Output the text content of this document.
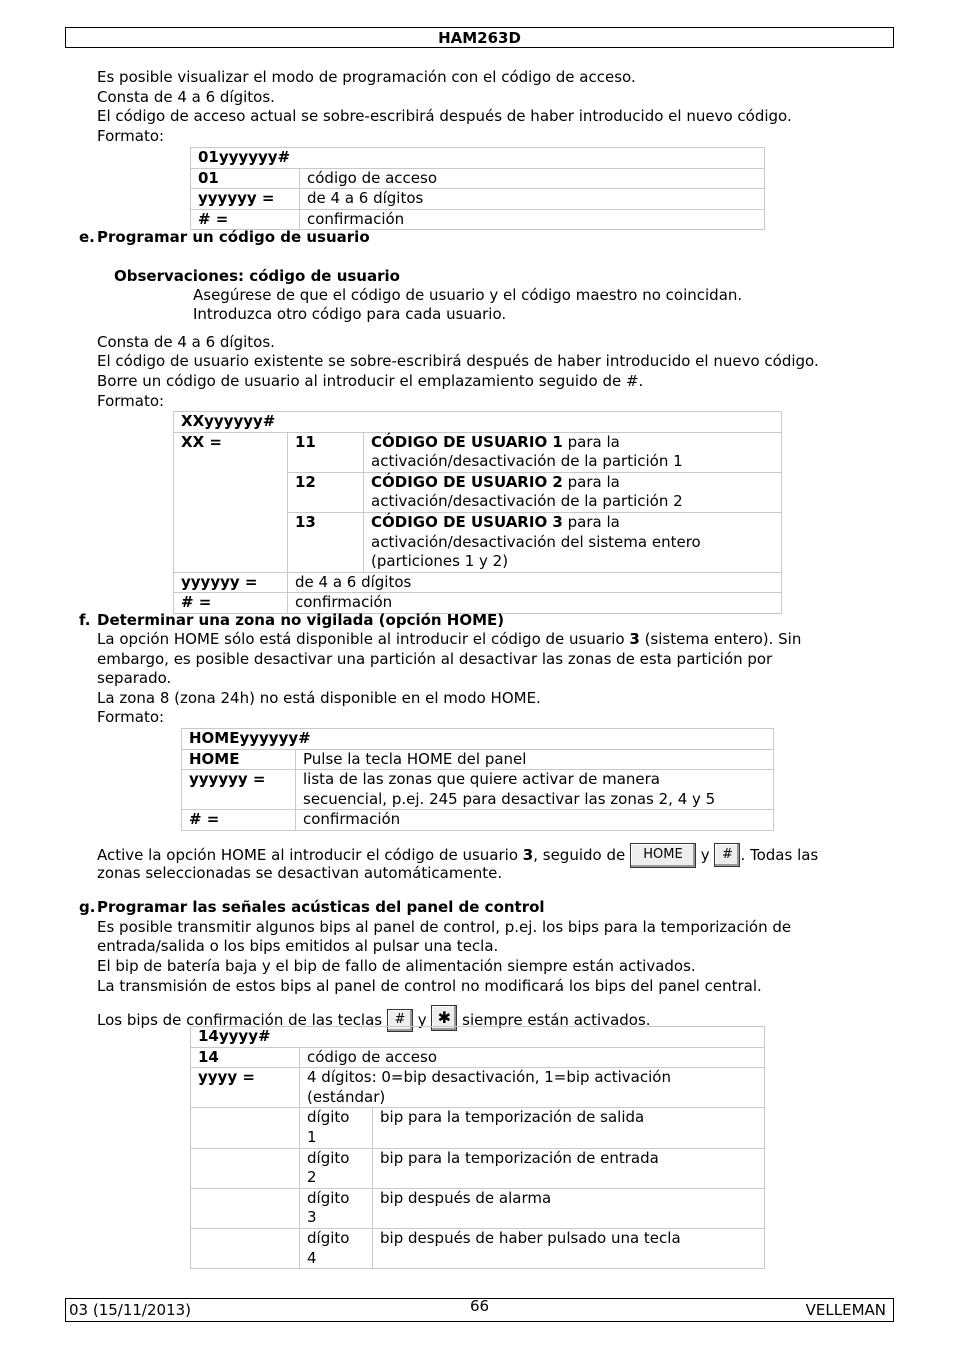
HAM263D
Es posible visualizar el modo de programación con el código de acceso.
Consta de 4 a 6 dígitos.
El código de acceso actual se sobre-escribirá después de haber introducido el nuevo código.
Formato:
01yyyyyy#	
01	código de acceso
yyyyyy =	de 4 a 6 dígitos
# =	confirmación
e. Programar un código de usuario
Observaciones: código de usuario
Asegúrese de que el código de usuario y el código maestro no coincidan.
Introduzca otro código para cada usuario.
Consta de 4 a 6 dígitos.
El código de usuario existente se sobre-escribirá después de haber introducido el nuevo código.
Borre un código de usuario al introducir el emplazamiento seguido de #.
Formato:
XXyyyyyy#		
XX =	11	CÓDIGO DE USUARIO 1 para la
activación/desactivación de la partición 1
	12	CÓDIGO DE USUARIO 2 para la
activación/desactivación de la partición 2
	13	CÓDIGO DE USUARIO 3 para la
activación/desactivación del sistema entero
(particiones 1 y 2)
yyyyyy =	de 4 a 6 dígitos	
# =	confirmación	
f. Determinar una zona no vigilada (opción HOME)
La opción HOME sólo está disponible al introducir el código de usuario 3 (sistema entero). Sin
embargo, es posible desactivar una partición al desactivar las zonas de esta partición por
separado.
La zona 8 (zona 24h) no está disponible en el modo HOME.
Formato:
HOMEyyyyyy#	
HOME	Pulse la tecla HOME del panel
yyyyyy =	lista de las zonas que quiere activar de manera
secuencial, p.ej. 245 para desactivar las zonas 2, 4 y 5
# =	confirmación
Active la opción HOME al introducir el código de usuario 3, seguido de HOME y # . Todas las
zonas seleccionadas se desactivan automáticamente.
g. Programar las señales acústicas del panel de control
Es posible transmitir algunos bips al panel de control, p.ej. los bips para la temporización de
entrada/salida o los bips emitidos al pulsar una tecla.
El bip de batería baja y el bip de fallo de alimentación siempre están activados.
La transmisión de estos bips al panel de control no modificará los bips del panel central.
Los bips de confirmación de las teclas # y ✱ siempre están activados.
14yyyy#		
14	código de acceso	
yyyy =	4 dígitos: 0=bip desactivación, 1=bip activación
(estándar)	
	dígito
1	bip para la temporización de salida
	dígito
2	bip para la temporización de entrada
	dígito
3	bip después de alarma
	dígito
4	bip después de haber pulsado una tecla
03 (15/11/2013)	66	VELLEMAN
